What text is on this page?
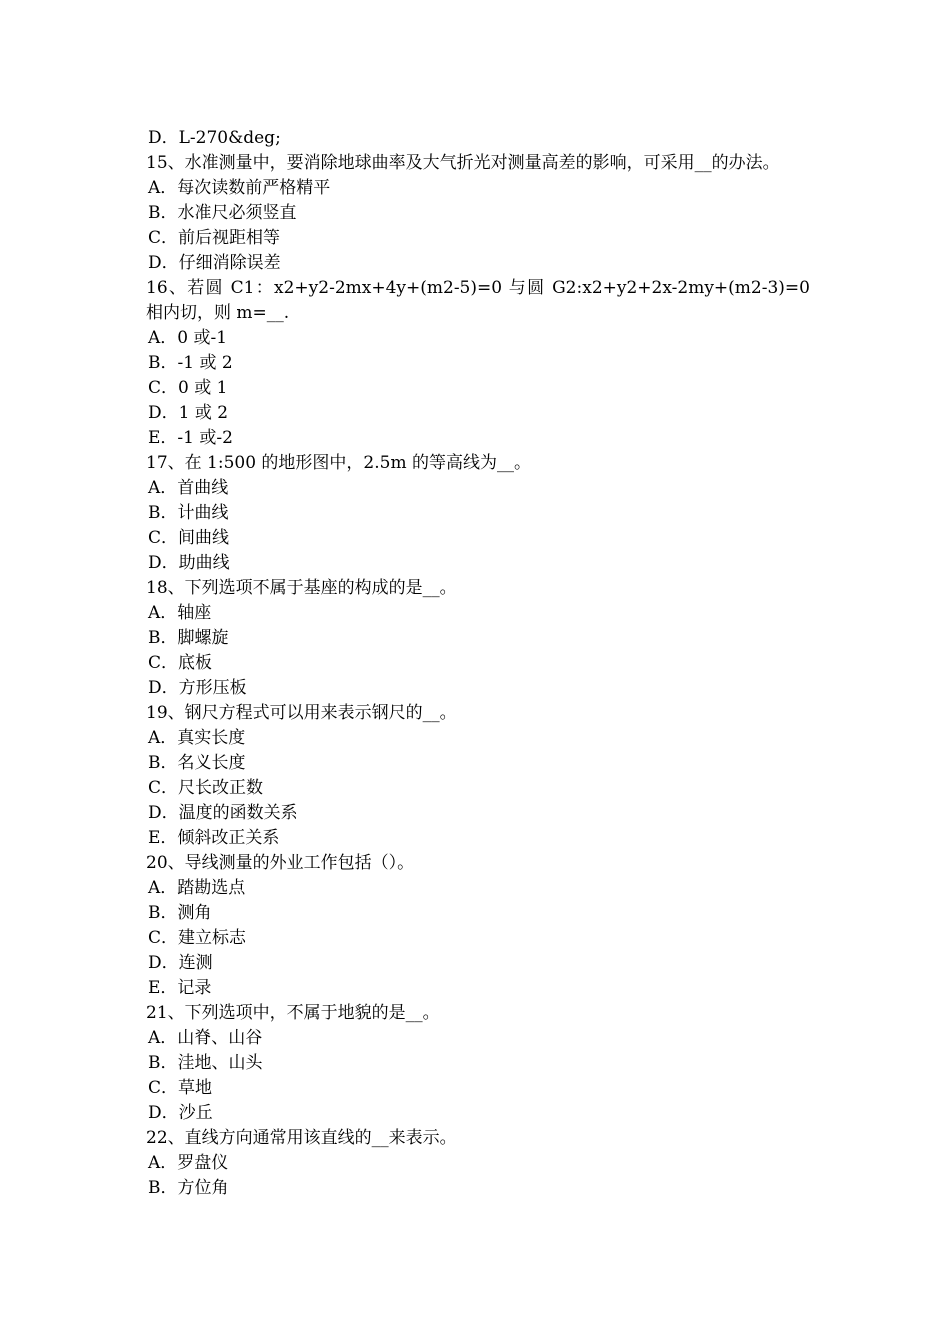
D．L-270&deg;
15、水准测量中，要消除地球曲率及大气折光对测量高差的影响，可采用__的办法。
A．每次读数前严格精平
B．水准尺必须竖直
C．前后视距相等
D．仔细消除误差
16、若圆 C1：x2+y2-2mx+4y+(m2-5)=0 与圆 G2:x2+y2+2x-2my+(m2-3)=0 相内切，则 m=__.
A．0 或-1
B．-1 或 2
C．0 或 1
D．1 或 2
E．-1 或-2
17、在 1:500 的地形图中，2.5m 的等高线为__。
A．首曲线
B．计曲线
C．间曲线
D．助曲线
18、下列选项不属于基座的构成的是__。
A．轴座
B．脚螺旋
C．底板
D．方形压板
19、钢尺方程式可以用来表示钢尺的__。
A．真实长度
B．名义长度
C．尺长改正数
D．温度的函数关系
E．倾斜改正关系
20、导线测量的外业工作包括（）。
A．踏勘选点
B．测角
C．建立标志
D．连测
E．记录
21、下列选项中，不属于地貌的是__。
A．山脊、山谷
B．洼地、山头
C．草地
D．沙丘
22、直线方向通常用该直线的__来表示。
A．罗盘仪
B．方位角
